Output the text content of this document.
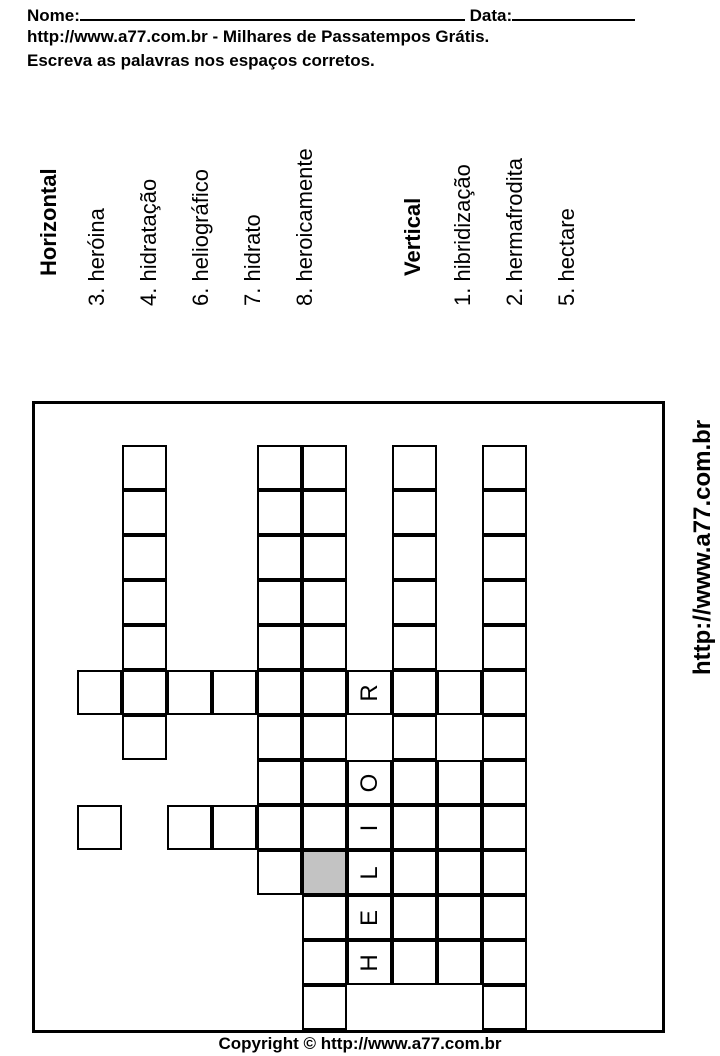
Nome:	Data:
http://www.a77.com.br - Milhares de Passatempos Grátis.
Escreva as palavras nos espaços corretos.
Horizontal 3. heróina 4. hidratação 6. heliográfico 7. hidrato 8. heroicamente	Vertical 1. hibridização 2. hermafrodita 5. hectare
http://www.a77.com.br
Copyright © http://www.a77.com.br
R
I
O
L
E
H
